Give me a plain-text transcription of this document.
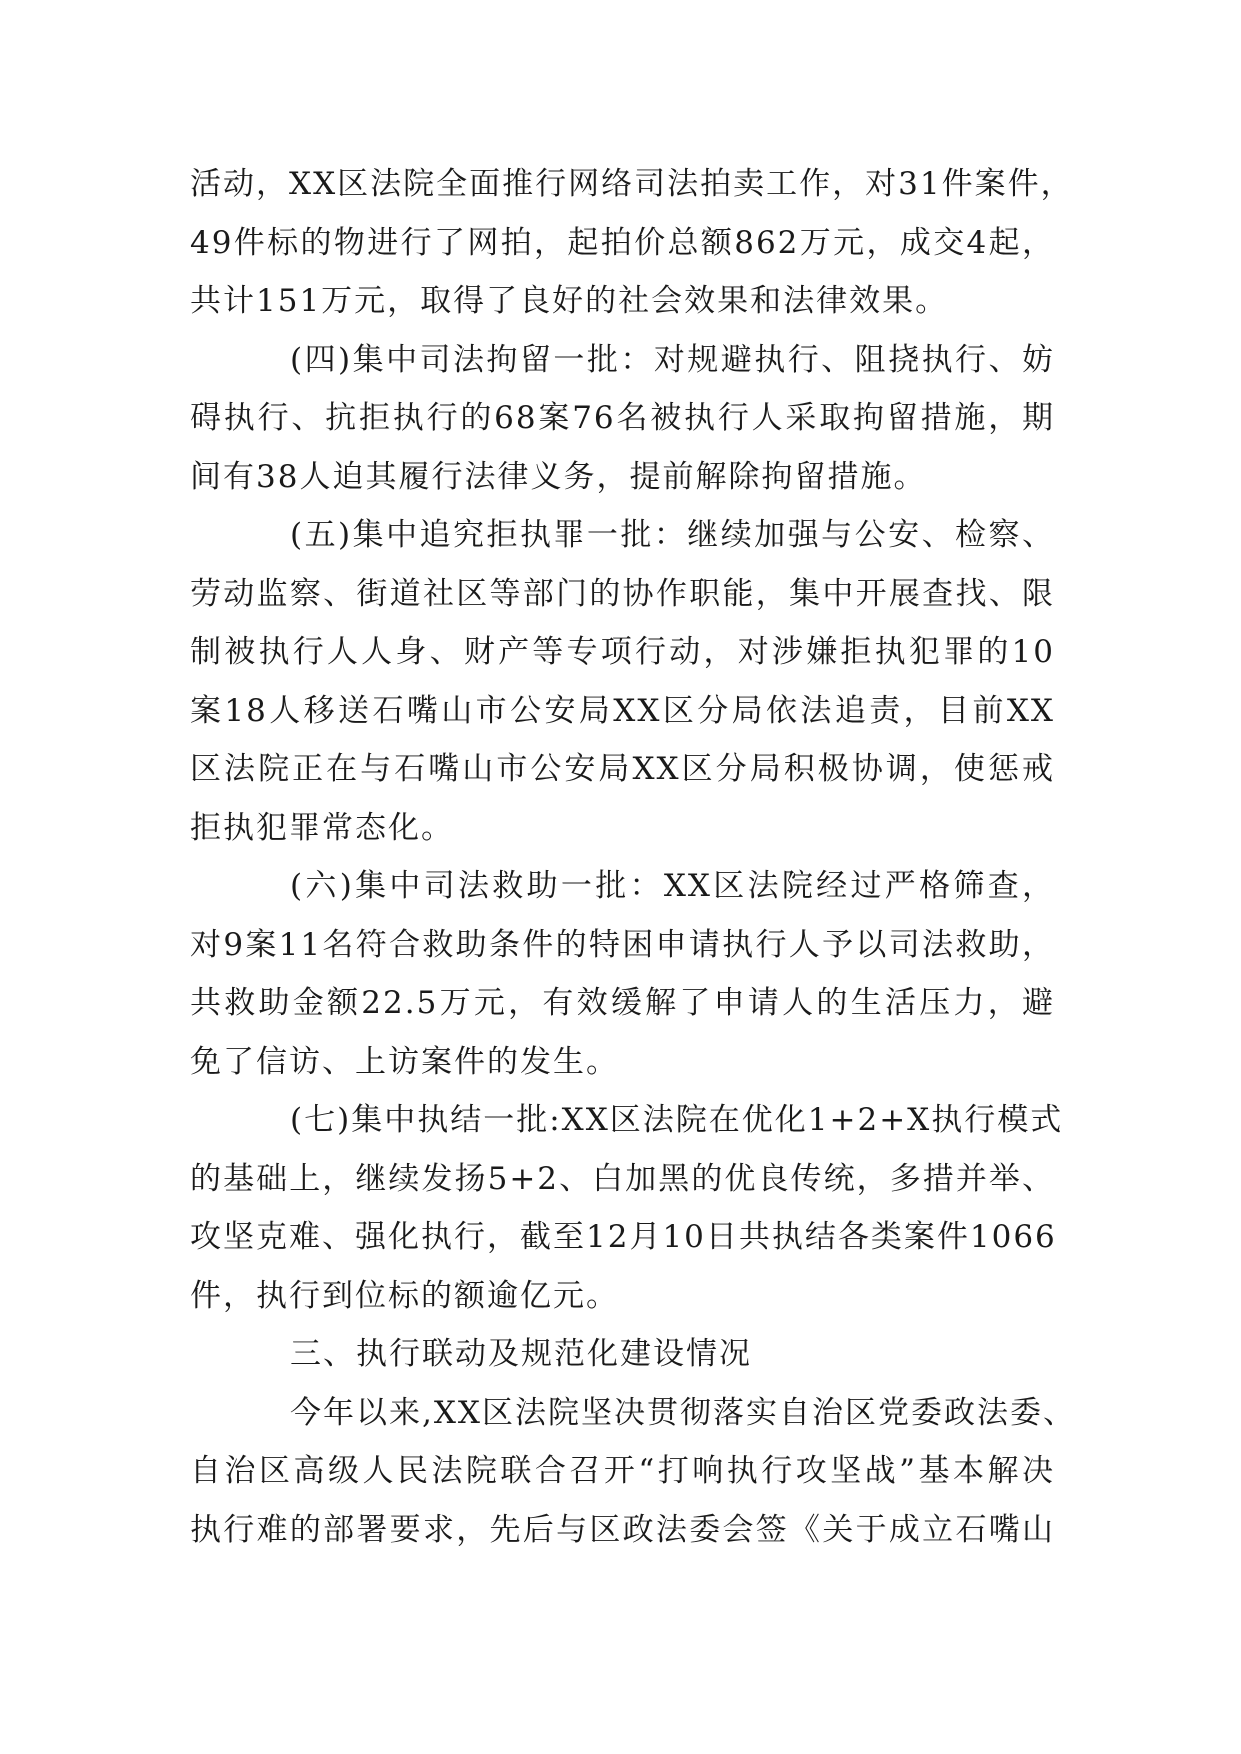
活动，XX区法院全面推行网络司法拍卖工作，对31件案件，
49件标的物进行了网拍，起拍价总额862万元，成交4起，
共计151万元，取得了良好的社会效果和法律效果。
(四)集中司法拘留一批：对规避执行、阻挠执行、妨
碍执行、抗拒执行的68案76名被执行人采取拘留措施，期
间有38人迫其履行法律义务，提前解除拘留措施。
(五)集中追究拒执罪一批：继续加强与公安、检察、
劳动监察、街道社区等部门的协作职能，集中开展查找、限
制被执行人人身、财产等专项行动，对涉嫌拒执犯罪的10
案18人移送石嘴山市公安局XX区分局依法追责，目前XX
区法院正在与石嘴山市公安局XX区分局积极协调，使惩戒
拒执犯罪常态化。
(六)集中司法救助一批：XX区法院经过严格筛查，
对9案11名符合救助条件的特困申请执行人予以司法救助，
共救助金额22.5万元，有效缓解了申请人的生活压力，避
免了信访、上访案件的发生。
(七)集中执结一批:XX区法院在优化1+2+X执行模式
的基础上，继续发扬5+2、白加黑的优良传统，多措并举、
攻坚克难、强化执行，截至12月10日共执结各类案件1066
件，执行到位标的额逾亿元。
三、执行联动及规范化建设情况
今年以来,XX区法院坚决贯彻落实自治区党委政法委、
自治区高级人民法院联合召开“打响执行攻坚战”基本解决
执行难的部署要求，先后与区政法委会签《关于成立石嘴山
